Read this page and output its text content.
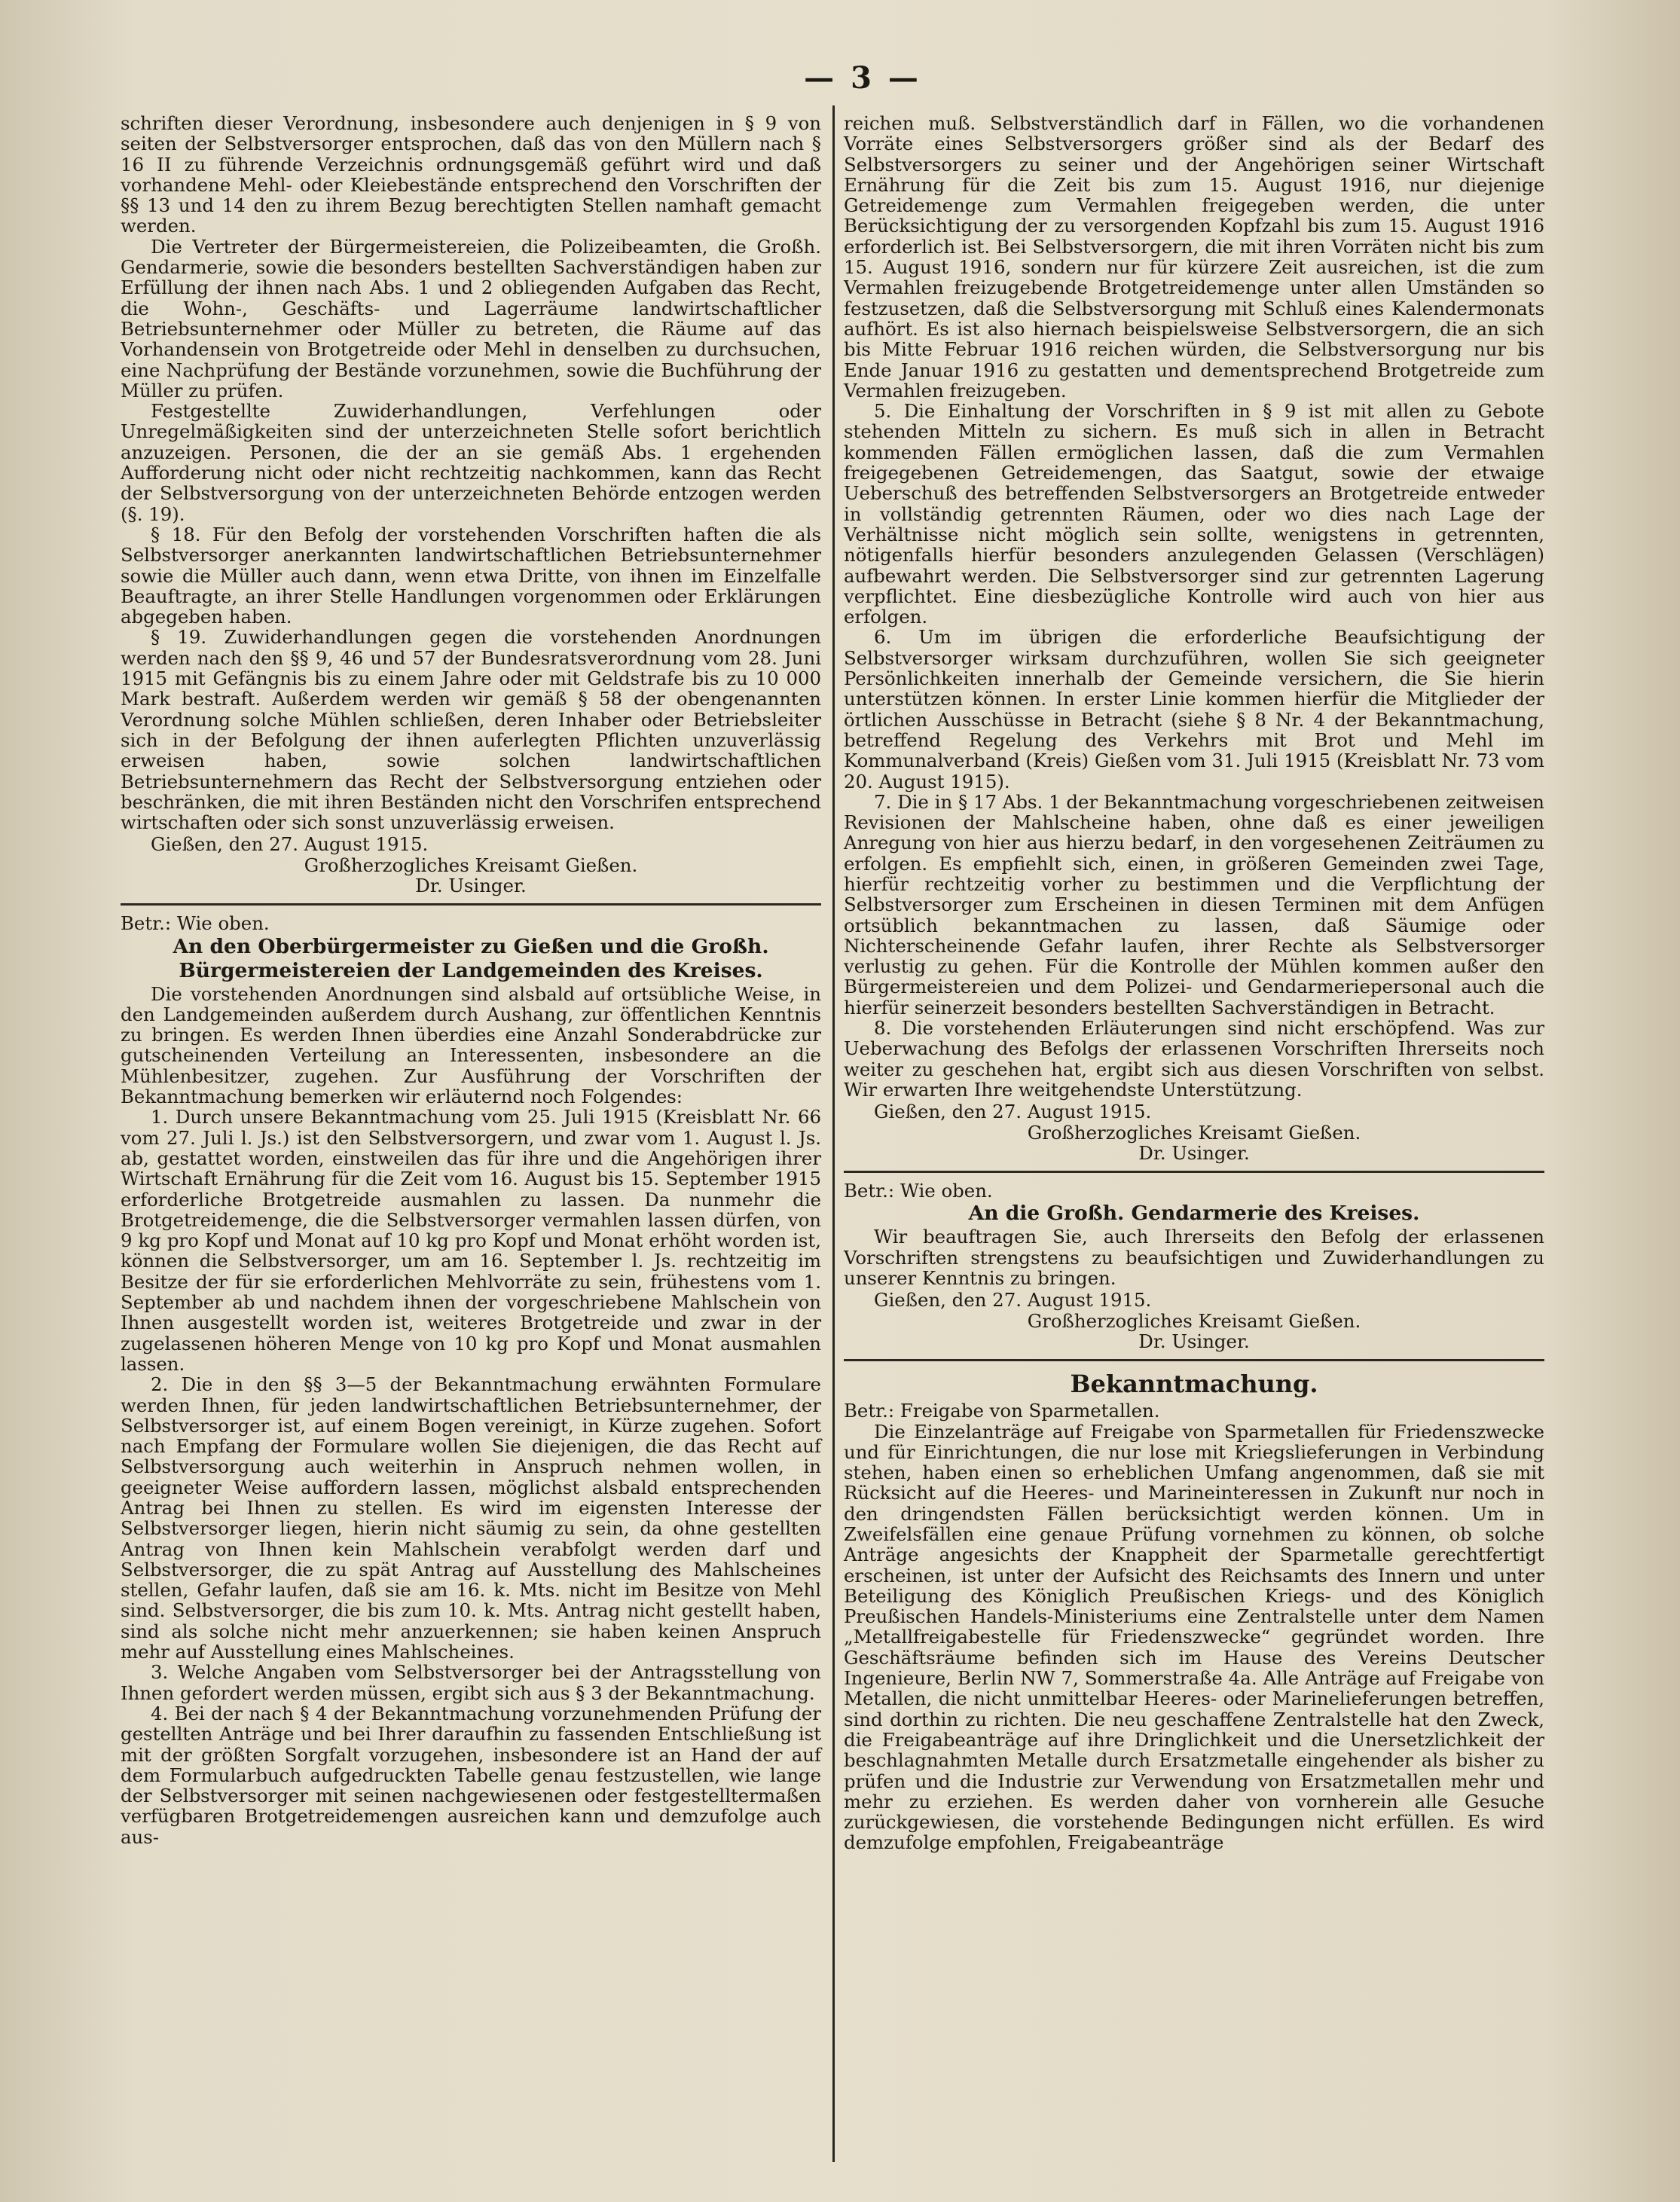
— 3 —

schriften dieser Verordnung, insbesondere auch denjenigen in § 9 von seiten der Selbstversorger entsprochen, daß das von den Müllern nach § 16 II zu führende Verzeichnis ordnungsgemäß geführt wird und daß vorhandene Mehl- oder Kleiebestände entsprechend den Vorschriften der §§ 13 und 14 den zu ihrem Bezug berechtigten Stellen namhaft gemacht werden.

Die Vertreter der Bürgermeistereien, die Polizeibeamten, die Großh. Gendarmerie, sowie die besonders bestellten Sachverständigen haben zur Erfüllung der ihnen nach Abs. 1 und 2 obliegenden Aufgaben das Recht, die Wohn-, Geschäfts- und Lagerräume landwirtschaftlicher Betriebsunternehmer oder Müller zu betreten, die Räume auf das Vorhandensein von Brotgetreide oder Mehl in denselben zu durchsuchen, eine Nachprüfung der Bestände vorzunehmen, sowie die Buchführung der Müller zu prüfen.

Festgestellte Zuwiderhandlungen, Verfehlungen oder Unregelmäßigkeiten sind der unterzeichneten Stelle sofort berichtlich anzuzeigen. Personen, die der an sie gemäß Abs. 1 ergehenden Aufforderung nicht oder nicht rechtzeitig nachkommen, kann das Recht der Selbstversorgung von der unterzeichneten Behörde entzogen werden (§. 19).

§ 18. Für den Befolg der vorstehenden Vorschriften haften die als Selbstversorger anerkannten landwirtschaftlichen Betriebsunternehmer sowie die Müller auch dann, wenn etwa Dritte, von ihnen im Einzelfalle Beauftragte, an ihrer Stelle Handlungen vorgenommen oder Erklärungen abgegeben haben.

§ 19. Zuwiderhandlungen gegen die vorstehenden Anordnungen werden nach den §§ 9, 46 und 57 der Bundesratsverordnung vom 28. Juni 1915 mit Gefängnis bis zu einem Jahre oder mit Geldstrafe bis zu 10 000 Mark bestraft. Außerdem werden wir gemäß § 58 der obengenannten Verordnung solche Mühlen schließen, deren Inhaber oder Betriebsleiter sich in der Befolgung der ihnen auferlegten Pflichten unzuverlässig erweisen haben, sowie solchen landwirtschaftlichen Betriebsunternehmern das Recht der Selbstversorgung entziehen oder beschränken, die mit ihren Beständen nicht den Vorschrifen entsprechend wirtschaften oder sich sonst unzuverlässig erweisen.

Gießen, den 27. August 1915.

Großherzogliches Kreisamt Gießen.

Dr. Usinger.

Betr.: Wie oben.

An den Oberbürgermeister zu Gießen und die Großh.

Bürgermeistereien der Landgemeinden des Kreises.

Die vorstehenden Anordnungen sind alsbald auf ortsübliche Weise, in den Landgemeinden außerdem durch Aushang, zur öffentlichen Kenntnis zu bringen. Es werden Ihnen überdies eine Anzahl Sonderabdrücke zur gutscheinenden Verteilung an Interessenten, insbesondere an die Mühlenbesitzer, zugehen. Zur Ausführung der Vorschriften der Bekanntmachung bemerken wir erläuternd noch Folgendes:

1. Durch unsere Bekanntmachung vom 25. Juli 1915 (Kreisblatt Nr. 66 vom 27. Juli l. Js.) ist den Selbstversorgern, und zwar vom 1. August l. Js. ab, gestattet worden, einstweilen das für ihre und die Angehörigen ihrer Wirtschaft Ernährung für die Zeit vom 16. August bis 15. September 1915 erforderliche Brotgetreide ausmahlen zu lassen. Da nunmehr die Brotgetreidemenge, die die Selbstversorger vermahlen lassen dürfen, von 9 kg pro Kopf und Monat auf 10 kg pro Kopf und Monat erhöht worden ist, können die Selbstversorger, um am 16. September l. Js. rechtzeitig im Besitze der für sie erforderlichen Mehlvorräte zu sein, frühestens vom 1. September ab und nachdem ihnen der vorgeschriebene Mahlschein von Ihnen ausgestellt worden ist, weiteres Brotgetreide und zwar in der zugelassenen höheren Menge von 10 kg pro Kopf und Monat ausmahlen lassen.

2. Die in den §§ 3—5 der Bekanntmachung erwähnten Formulare werden Ihnen, für jeden landwirtschaftlichen Betriebsunternehmer, der Selbstversorger ist, auf einem Bogen vereinigt, in Kürze zugehen. Sofort nach Empfang der Formulare wollen Sie diejenigen, die das Recht auf Selbstversorgung auch weiterhin in Anspruch nehmen wollen, in geeigneter Weise auffordern lassen, möglichst alsbald entsprechenden Antrag bei Ihnen zu stellen. Es wird im eigensten Interesse der Selbstversorger liegen, hierin nicht säumig zu sein, da ohne gestellten Antrag von Ihnen kein Mahlschein verabfolgt werden darf und Selbstversorger, die zu spät Antrag auf Ausstellung des Mahlscheines stellen, Gefahr laufen, daß sie am 16. k. Mts. nicht im Besitze von Mehl sind. Selbstversorger, die bis zum 10. k. Mts. Antrag nicht gestellt haben, sind als solche nicht mehr anzuerkennen; sie haben keinen Anspruch mehr auf Ausstellung eines Mahlscheines.

3. Welche Angaben vom Selbstversorger bei der Antragsstellung von Ihnen gefordert werden müssen, ergibt sich aus § 3 der Bekanntmachung.

4. Bei der nach § 4 der Bekanntmachung vorzunehmenden Prüfung der gestellten Anträge und bei Ihrer daraufhin zu fassenden Entschließung ist mit der größten Sorgfalt vorzugehen, insbesondere ist an Hand der auf dem Formularbuch aufgedruckten Tabelle genau festzustellen, wie lange der Selbstversorger mit seinen nachgewiesenen oder festgestelltermaßen verfügbaren Brotgetreidemengen ausreichen kann und demzufolge auch aus-

reichen muß. Selbstverständlich darf in Fällen, wo die vorhandenen Vorräte eines Selbstversorgers größer sind als der Bedarf des Selbstversorgers zu seiner und der Angehörigen seiner Wirtschaft Ernährung für die Zeit bis zum 15. August 1916, nur diejenige Getreidemenge zum Vermahlen freigegeben werden, die unter Berücksichtigung der zu versorgenden Kopfzahl bis zum 15. August 1916 erforderlich ist. Bei Selbstversorgern, die mit ihren Vorräten nicht bis zum 15. August 1916, sondern nur für kürzere Zeit ausreichen, ist die zum Vermahlen freizugebende Brotgetreidemenge unter allen Umständen so festzusetzen, daß die Selbstversorgung mit Schluß eines Kalendermonats aufhört. Es ist also hiernach beispielsweise Selbstversorgern, die an sich bis Mitte Februar 1916 reichen würden, die Selbstversorgung nur bis Ende Januar 1916 zu gestatten und dementsprechend Brotgetreide zum Vermahlen freizugeben.

5. Die Einhaltung der Vorschriften in § 9 ist mit allen zu Gebote stehenden Mitteln zu sichern. Es muß sich in allen in Betracht kommenden Fällen ermöglichen lassen, daß die zum Vermahlen freigegebenen Getreidemengen, das Saatgut, sowie der etwaige Ueberschuß des betreffenden Selbstversorgers an Brotgetreide entweder in vollständig getrennten Räumen, oder wo dies nach Lage der Verhältnisse nicht möglich sein sollte, wenigstens in getrennten, nötigenfalls hierfür besonders anzulegenden Gelassen (Verschlägen) aufbewahrt werden. Die Selbstversorger sind zur getrennten Lagerung verpflichtet. Eine diesbezügliche Kontrolle wird auch von hier aus erfolgen.

6. Um im übrigen die erforderliche Beaufsichtigung der Selbstversorger wirksam durchzuführen, wollen Sie sich geeigneter Persönlichkeiten innerhalb der Gemeinde versichern, die Sie hierin unterstützen können. In erster Linie kommen hierfür die Mitglieder der örtlichen Ausschüsse in Betracht (siehe § 8 Nr. 4 der Bekanntmachung, betreffend Regelung des Verkehrs mit Brot und Mehl im Kommunalverband (Kreis) Gießen vom 31. Juli 1915 (Kreisblatt Nr. 73 vom 20. August 1915).

7. Die in § 17 Abs. 1 der Bekanntmachung vorgeschriebenen zeitweisen Revisionen der Mahlscheine haben, ohne daß es einer jeweiligen Anregung von hier aus hierzu bedarf, in den vorgesehenen Zeiträumen zu erfolgen. Es empfiehlt sich, einen, in größeren Gemeinden zwei Tage, hierfür rechtzeitig vorher zu bestimmen und die Verpflichtung der Selbstversorger zum Erscheinen in diesen Terminen mit dem Anfügen ortsüblich bekanntmachen zu lassen, daß Säumige oder Nichterscheinende Gefahr laufen, ihrer Rechte als Selbstversorger verlustig zu gehen. Für die Kontrolle der Mühlen kommen außer den Bürgermeistereien und dem Polizei- und Gendarmeriepersonal auch die hierfür seinerzeit besonders bestellten Sachverständigen in Betracht.

8. Die vorstehenden Erläuterungen sind nicht erschöpfend. Was zur Ueberwachung des Befolgs der erlassenen Vorschriften Ihrerseits noch weiter zu geschehen hat, ergibt sich aus diesen Vorschriften von selbst. Wir erwarten Ihre weitgehendste Unterstützung.

Gießen, den 27. August 1915.

Großherzogliches Kreisamt Gießen.

Dr. Usinger.

Betr.: Wie oben.

An die Großh. Gendarmerie des Kreises.

Wir beauftragen Sie, auch Ihrerseits den Befolg der erlassenen Vorschriften strengstens zu beaufsichtigen und Zuwiderhandlungen zu unserer Kenntnis zu bringen.

Gießen, den 27. August 1915.

Großherzogliches Kreisamt Gießen.

Dr. Usinger.

Bekanntmachung.

Betr.: Freigabe von Sparmetallen.

Die Einzelanträge auf Freigabe von Sparmetallen für Friedenszwecke und für Einrichtungen, die nur lose mit Kriegslieferungen in Verbindung stehen, haben einen so erheblichen Umfang angenommen, daß sie mit Rücksicht auf die Heeres- und Marineinteressen in Zukunft nur noch in den dringendsten Fällen berücksichtigt werden können. Um in Zweifelsfällen eine genaue Prüfung vornehmen zu können, ob solche Anträge angesichts der Knappheit der Sparmetalle gerechtfertigt erscheinen, ist unter der Aufsicht des Reichsamts des Innern und unter Beteiligung des Königlich Preußischen Kriegs- und des Königlich Preußischen Handels-Ministeriums eine Zentralstelle unter dem Namen „Metallfreigabestelle für Friedenszwecke“ gegründet worden. Ihre Geschäftsräume befinden sich im Hause des Vereins Deutscher Ingenieure, Berlin NW 7, Sommerstraße 4a. Alle Anträge auf Freigabe von Metallen, die nicht unmittelbar Heeres- oder Marinelieferungen betreffen, sind dorthin zu richten. Die neu geschaffene Zentralstelle hat den Zweck, die Freigabeanträge auf ihre Dringlichkeit und die Unersetzlichkeit der beschlagnahmten Metalle durch Ersatzmetalle eingehender als bisher zu prüfen und die Industrie zur Verwendung von Ersatzmetallen mehr und mehr zu erziehen. Es werden daher von vornherein alle Gesuche zurückgewiesen, die vorstehende Bedingungen nicht erfüllen. Es wird demzufolge empfohlen, Freigabeanträge
